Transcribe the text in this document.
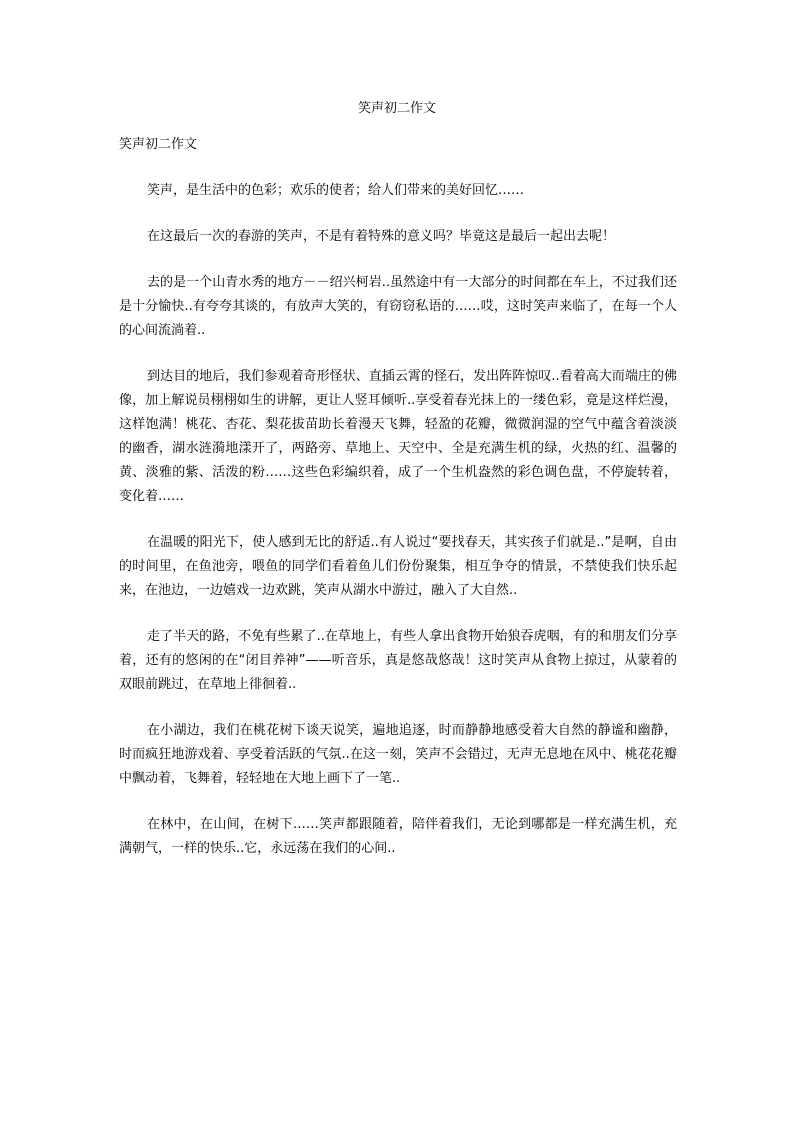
笑声初二作文
笑声初二作文

笑声，是生活中的色彩；欢乐的使者；给人们带来的美好回忆……

在这最后一次的春游的笑声，不是有着特殊的意义吗？毕竟这是最后一起出去呢！

去的是一个山青水秀的地方－－绍兴柯岩..虽然途中有一大部分的时间都在车上，不过我们还是十分愉快..有夸夸其谈的，有放声大笑的，有窃窃私语的……哎，这时笑声来临了，在每一个人的心间流淌着..

到达目的地后，我们参观着奇形怪状、直插云霄的怪石，发出阵阵惊叹..看着高大而端庄的佛像，加上解说员栩栩如生的讲解，更让人竖耳倾听..享受着春光抹上的一缕色彩，竟是这样烂漫，这样饱满！桃花、杏花、梨花拔苗助长着漫天飞舞，轻盈的花瓣，微微润湿的空气中蕴含着淡淡的幽香，湖水涟漪地漾开了，两路旁、草地上、天空中、全是充满生机的绿，火热的红、温馨的黄、淡雅的紫、活泼的粉……这些色彩编织着，成了一个生机盎然的彩色调色盘，不停旋转着，变化着……

在温暖的阳光下，使人感到无比的舒适..有人说过“要找春天，其实孩子们就是..”是啊，自由的时间里，在鱼池旁，喂鱼的同学们看着鱼儿们份份聚集，相互争夺的情景，不禁使我们快乐起来，在池边，一边嬉戏一边欢跳，笑声从湖水中游过，融入了大自然..

走了半天的路，不免有些累了..在草地上，有些人拿出食物开始狼吞虎咽，有的和朋友们分享着，还有的悠闲的在“闭目养神”——听音乐，真是悠哉悠哉！这时笑声从食物上掠过，从蒙着的双眼前跳过，在草地上徘徊着..

在小湖边，我们在桃花树下谈天说笑，遍地追逐，时而静静地感受着大自然的静谧和幽静，时而疯狂地游戏着、享受着活跃的气氛..在这一刻，笑声不会错过，无声无息地在风中、桃花花瓣中飘动着，飞舞着，轻轻地在大地上画下了一笔..

在林中，在山间，在树下……笑声都跟随着，陪伴着我们，无论到哪都是一样充满生机，充满朝气，一样的快乐..它，永远荡在我们的心间..
